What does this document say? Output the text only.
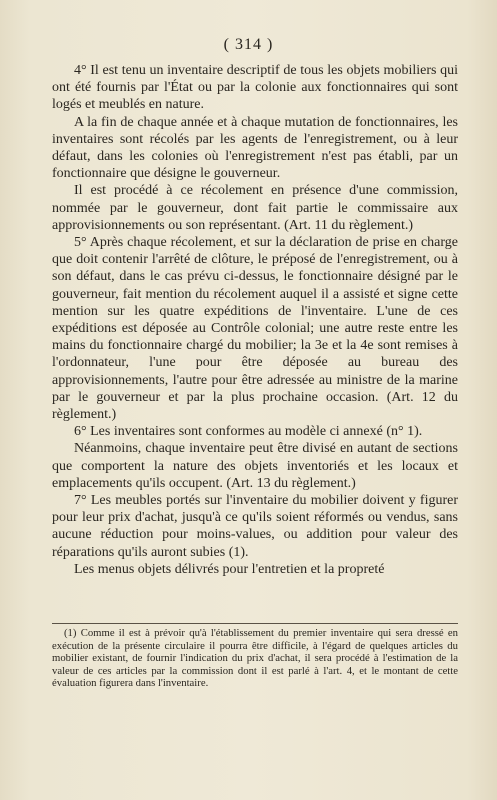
( 314 )

4° Il est tenu un inventaire descriptif de tous les objets mobiliers qui ont été fournis par l'État ou par la colonie aux fonctionnaires qui sont logés et meublés en nature.

A la fin de chaque année et à chaque mutation de fonctionnaires, les inventaires sont récolés par les agents de l'enregistrement, ou à leur défaut, dans les colonies où l'enregistrement n'est pas établi, par un fonctionnaire que désigne le gouverneur.

Il est procédé à ce récolement en présence d'une commission, nommée par le gouverneur, dont fait partie le commissaire aux approvisionnements ou son représentant. (Art. 11 du règlement.)

5° Après chaque récolement, et sur la déclaration de prise en charge que doit contenir l'arrêté de clôture, le préposé de l'enregistrement, ou à son défaut, dans le cas prévu ci-dessus, le fonctionnaire désigné par le gouverneur, fait mention du récolement auquel il a assisté et signe cette mention sur les quatre expéditions de l'inventaire. L'une de ces expéditions est déposée au Contrôle colonial; une autre reste entre les mains du fonctionnaire chargé du mobilier; la 3e et la 4e sont remises à l'ordonnateur, l'une pour être déposée au bureau des approvisionnements, l'autre pour être adressée au ministre de la marine par le gouverneur et par la plus prochaine occasion. (Art. 12 du règlement.)

6° Les inventaires sont conformes au modèle ci annexé (n° 1).

Néanmoins, chaque inventaire peut être divisé en autant de sections que comportent la nature des objets inventoriés et les locaux et emplacements qu'ils occupent. (Art. 13 du règlement.)

7° Les meubles portés sur l'inventaire du mobilier doivent y figurer pour leur prix d'achat, jusqu'à ce qu'ils soient réformés ou vendus, sans aucune réduction pour moins-values, ou addition pour valeur des réparations qu'ils auront subies (1).

Les menus objets délivrés pour l'entretien et la propreté

(1) Comme il est à prévoir qu'à l'établissement du premier inventaire qui sera dressé en exécution de la présente circulaire il pourra être difficile, à l'égard de quelques articles du mobilier existant, de fournir l'indication du prix d'achat, il sera procédé à l'estimation de la valeur de ces articles par la commission dont il est parlé à l'art. 4, et le montant de cette évaluation figurera dans l'inventaire.
